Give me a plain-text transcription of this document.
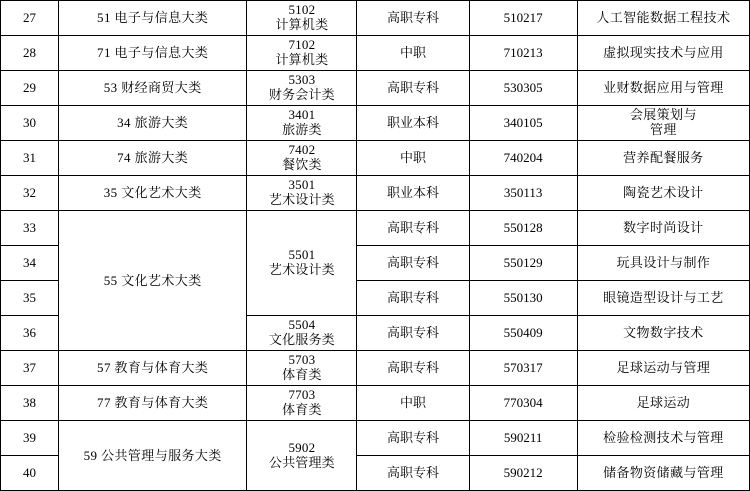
27	51 电子与信息大类	5102
计算机类	高职专科	510217	人工智能数据工程技术
28	71 电子与信息大类	7102
计算机类	中职	710213	虚拟现实技术与应用
29	53 财经商贸大类	5303
财务会计类	高职专科	530305	业财数据应用与管理
30	34 旅游大类	3401
旅游类	职业本科	340105	会展策划与
管理

31	74 旅游大类	7402
餐饮类	中职	740204	营养配餐服务
32	35 文化艺术大类	3501
艺术设计类	职业本科	350113	陶瓷艺术设计
33	55 文化艺术大类	5501
艺术设计类	高职专科	550128	数字时尚设计
34			高职专科	550129	玩具设计与制作
35			高职专科	550130	眼镜造型设计与工艺
36		5504
文化服务类	高职专科	550409	文物数字技术
37	57 教育与体育大类	5703
体育类	高职专科	570317	足球运动与管理
38	77 教育与体育大类	7703
体育类	中职	770304	足球运动
39	59 公共管理与服务大类	5902
公共管理类	高职专科	590211	检验检测技术与管理
40			高职专科	590212	储备物资储藏与管理
